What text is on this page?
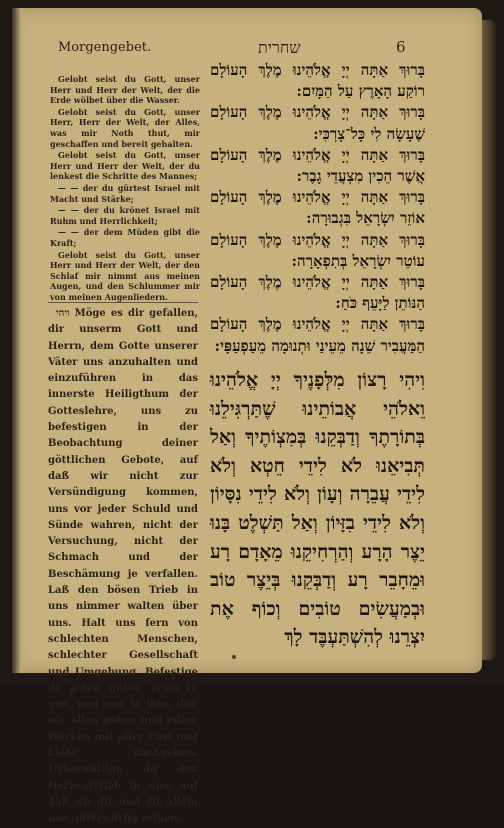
Morgengebet.	שחרית	6

Gelobt seist du Gott, unser Herr und Herr der Welt, der die Erde wölbet über die Wasser.

Gelobt seist du Gott, unser Herr, Herr der Welt, der Alles, was mir Noth thut, mir geschaffen und bereit gehalten.

Gelobt seist du Gott, unser Herr und Herr der Welt, der du lenkest die Schritte des Mannes;

— — der du gürtest Israel mit Macht und Stärke;

— — der du krönet Israel mit Ruhm und Herrlichkeit;

— — der dem Müden gibt die Kraft;

Gelobt seist du Gott, unser Herr und Herr der Welt, der den Schlaf mir nimmt aus meinen Augen, und den Schlummer mir von meinen Augenliedern.

ויהי Möge es dir gefallen, dir unserm Gott und Herrn, dem Gotte unserer Väter uns anzuhalten und einzuführen in das innerste Heiligthum der Gotteslehre, uns zu befestigen in der Beobachtung deiner göttlichen Gebote, auf daß wir nicht zur Versündigung kommen, uns vor jeder Schuld und Sünde wahren, nicht der Versuchung, nicht der Schmach und der Beschämung je verfallen. Laß den bösen Trieb in uns nimmer walten über uns. Halt uns fern von schlechten Menschen, schlechter Gesellschaft und Umgebung. Befestige du jeden guten Trieb in uns, und uns in ihm, daß wir allen guten und edlen Werken mit aller Lust und Liebe nachgehen. Ueberwältige du den Herzenstrieb in uns, auf daß wir dir und dir allein uns unterwürfig zeigen.

בָּרוּךְ אַתָּה יְיָ אֱלֹהֵינוּ מֶלֶךְ הָעוֹלָם רוֹקַע הָאָרֶץ עַל הַמָּיִם:

בָּרוּךְ אַתָּה יְיָ אֱלֹהֵינוּ מֶלֶךְ הָעוֹלָם שֶׁעָשָׂה לִי כָּל־צָרְכִּי:

בָּרוּךְ אַתָּה יְיָ אֱלֹהֵינוּ מֶלֶךְ הָעוֹלָם אֲשֶׁר הֵכִין מִצְעֲדֵי גָבֶר:

בָּרוּךְ אַתָּה יְיָ אֱלֹהֵינוּ מֶלֶךְ הָעוֹלָם אוֹזֵר יִשְׂרָאֵל בִּגְבוּרָה:

בָּרוּךְ אַתָּה יְיָ אֱלֹהֵינוּ מֶלֶךְ הָעוֹלָם עוֹטֵר יִשְׂרָאֵל בְּתִפְאָרָה:

בָּרוּךְ אַתָּה יְיָ אֱלֹהֵינוּ מֶלֶךְ הָעוֹלָם הַנּוֹתֵן לַיָּעֵף כֹּחַ:

בָּרוּךְ אַתָּה יְיָ אֱלֹהֵינוּ מֶלֶךְ הָעוֹלָם הַמַּעֲבִיר שֵׁנָה מֵעֵינַי וּתְנוּמָה מֵעַפְעַפָּי:

וִיהִי רָצוֹן מִלְּפָנֶיךָ יְיָ אֱלֹהֵינוּ וֵאלֹהֵי אֲבוֹתֵינוּ שֶׁתַּרְגִּילֵנוּ בְּתוֹרָתֶךָ וְדַבְּקֵנוּ בְּמִצְוֹתֶיךָ וְאַל תְּבִיאֵנוּ לֹא לִידֵי חֵטְא וְלֹא לִידֵי עֲבֵרָה וְעָוֹן וְלֹא לִידֵי נִסָּיוֹן וְלֹא לִידֵי בִזָּיוֹן וְאַל תַּשְׁלֶט בָּנוּ יֵצֶר הָרָע וְהַרְחִיקֵנוּ מֵאָדָם רָע וּמֵחָבֵר רָע וְדַבְּקֵנוּ בְּיֵצֶר טוֹב וּבְמַעֲשִׂים טוֹבִים וְכוֹף אֶת יִצְרֵנוּ לְהִשְׁתַּעְבֶּד לָךְ
